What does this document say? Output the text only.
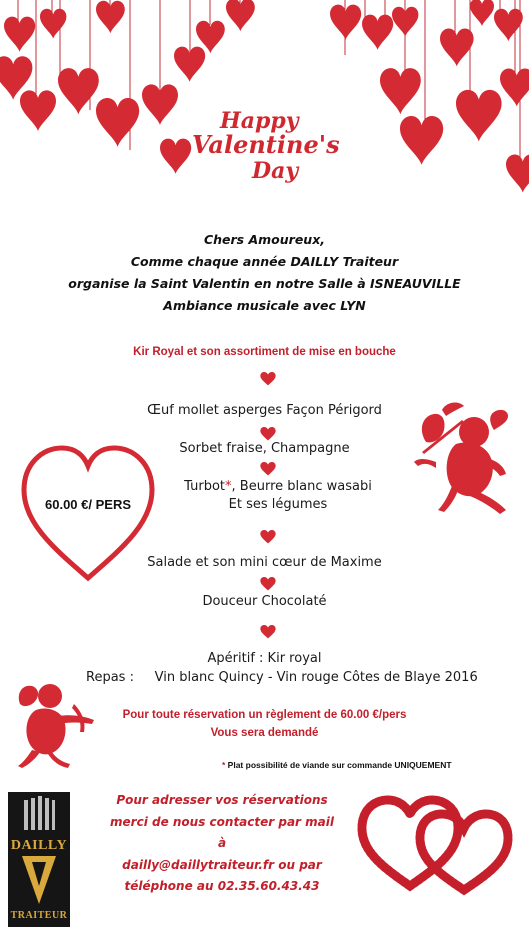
Happy
Valentine's
Day
Chers Amoureux,
Comme chaque année DAILLY Traiteur
organise la Saint Valentin en notre Salle à ISNEAUVILLE
Ambiance musicale avec LYN
Kir Royal et son assortiment de mise en bouche
Œuf mollet asperges Façon Périgord
Sorbet fraise, Champagne
Turbot*, Beurre blanc wasabi
Et ses légumes
Salade et son mini cœur de Maxime
Douceur Chocolaté
Apéritif : Kir royal
Repas :     Vin blanc Quincy - Vin rouge Côtes de Blaye 2016
60.00 €/ PERS
Pour toute réservation un règlement de 60.00 €/pers
Vous sera demandé
* Plat possibilité de viande sur commande UNIQUEMENT
DAILLY
TRAITEUR
Pour adresser vos réservations
merci de nous contacter par mail à
dailly@daillytraiteur.fr ou par
téléphone au 02.35.60.43.43
